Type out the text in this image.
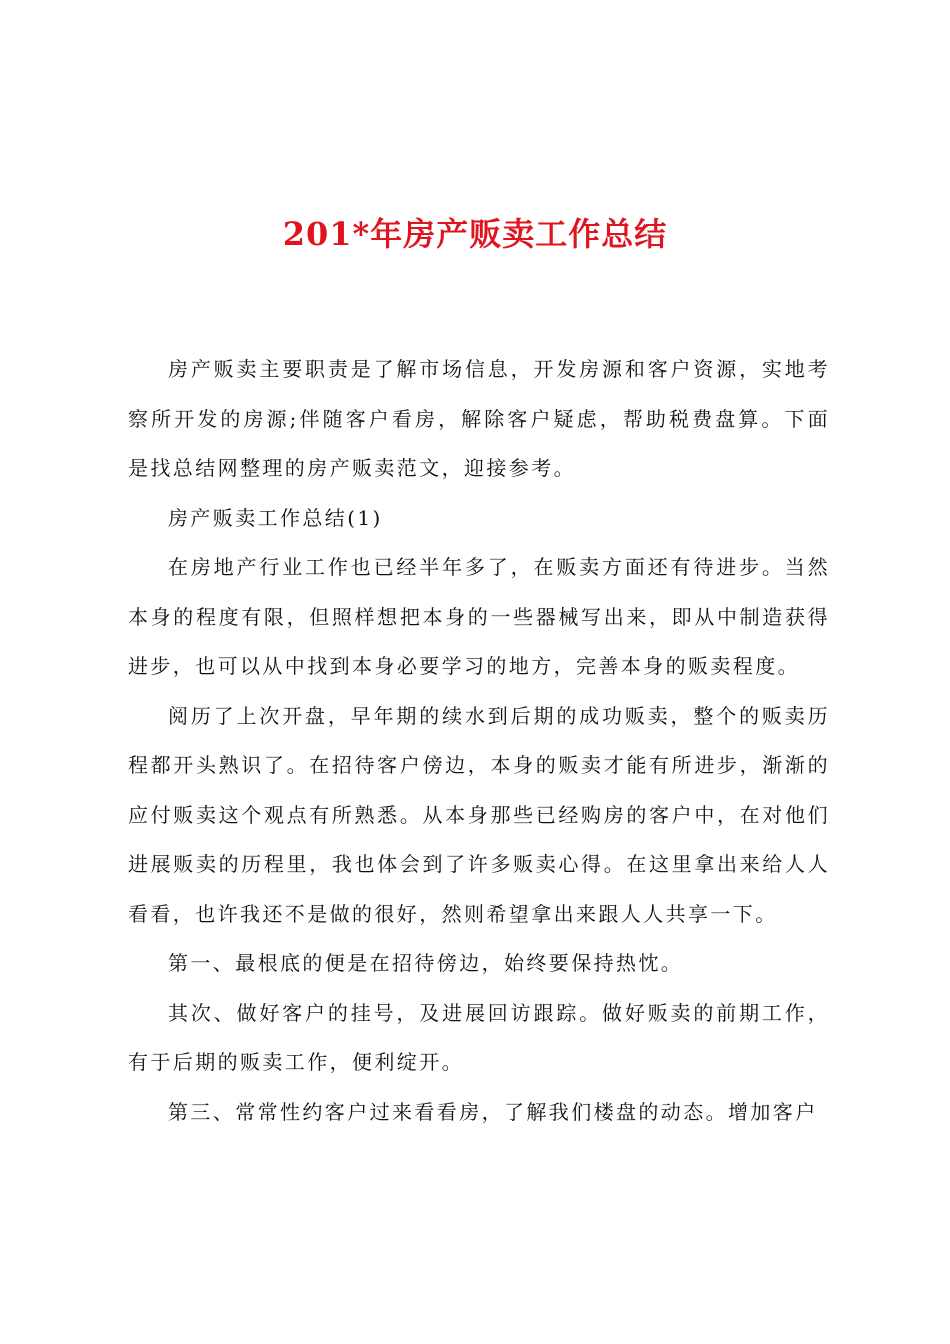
201*年房产贩卖工作总结

房产贩卖主要职责是了解市场信息，开发房源和客户资源，实地考察所开发的房源;伴随客户看房，解除客户疑虑，帮助税费盘算。下面是找总结网整理的房产贩卖范文，迎接参考。

房产贩卖工作总结(1)

在房地产行业工作也已经半年多了，在贩卖方面还有待进步。当然本身的程度有限，但照样想把本身的一些器械写出来，即从中制造获得进步，也可以从中找到本身必要学习的地方，完善本身的贩卖程度。

阅历了上次开盘，早年期的续水到后期的成功贩卖，整个的贩卖历程都开头熟识了。在招待客户傍边，本身的贩卖才能有所进步，渐渐的应付贩卖这个观点有所熟悉。从本身那些已经购房的客户中，在对他们进展贩卖的历程里，我也体会到了许多贩卖心得。在这里拿出来给人人看看，也许我还不是做的很好，然则希望拿出来跟人人共享一下。

第一、最根底的便是在招待傍边，始终要保持热忱。

其次、做好客户的挂号，及进展回访跟踪。做好贩卖的前期工作，有于后期的贩卖工作，便利绽开。

第三、常常性约客户过来看看房，了解我们楼盘的动态。增加客户
